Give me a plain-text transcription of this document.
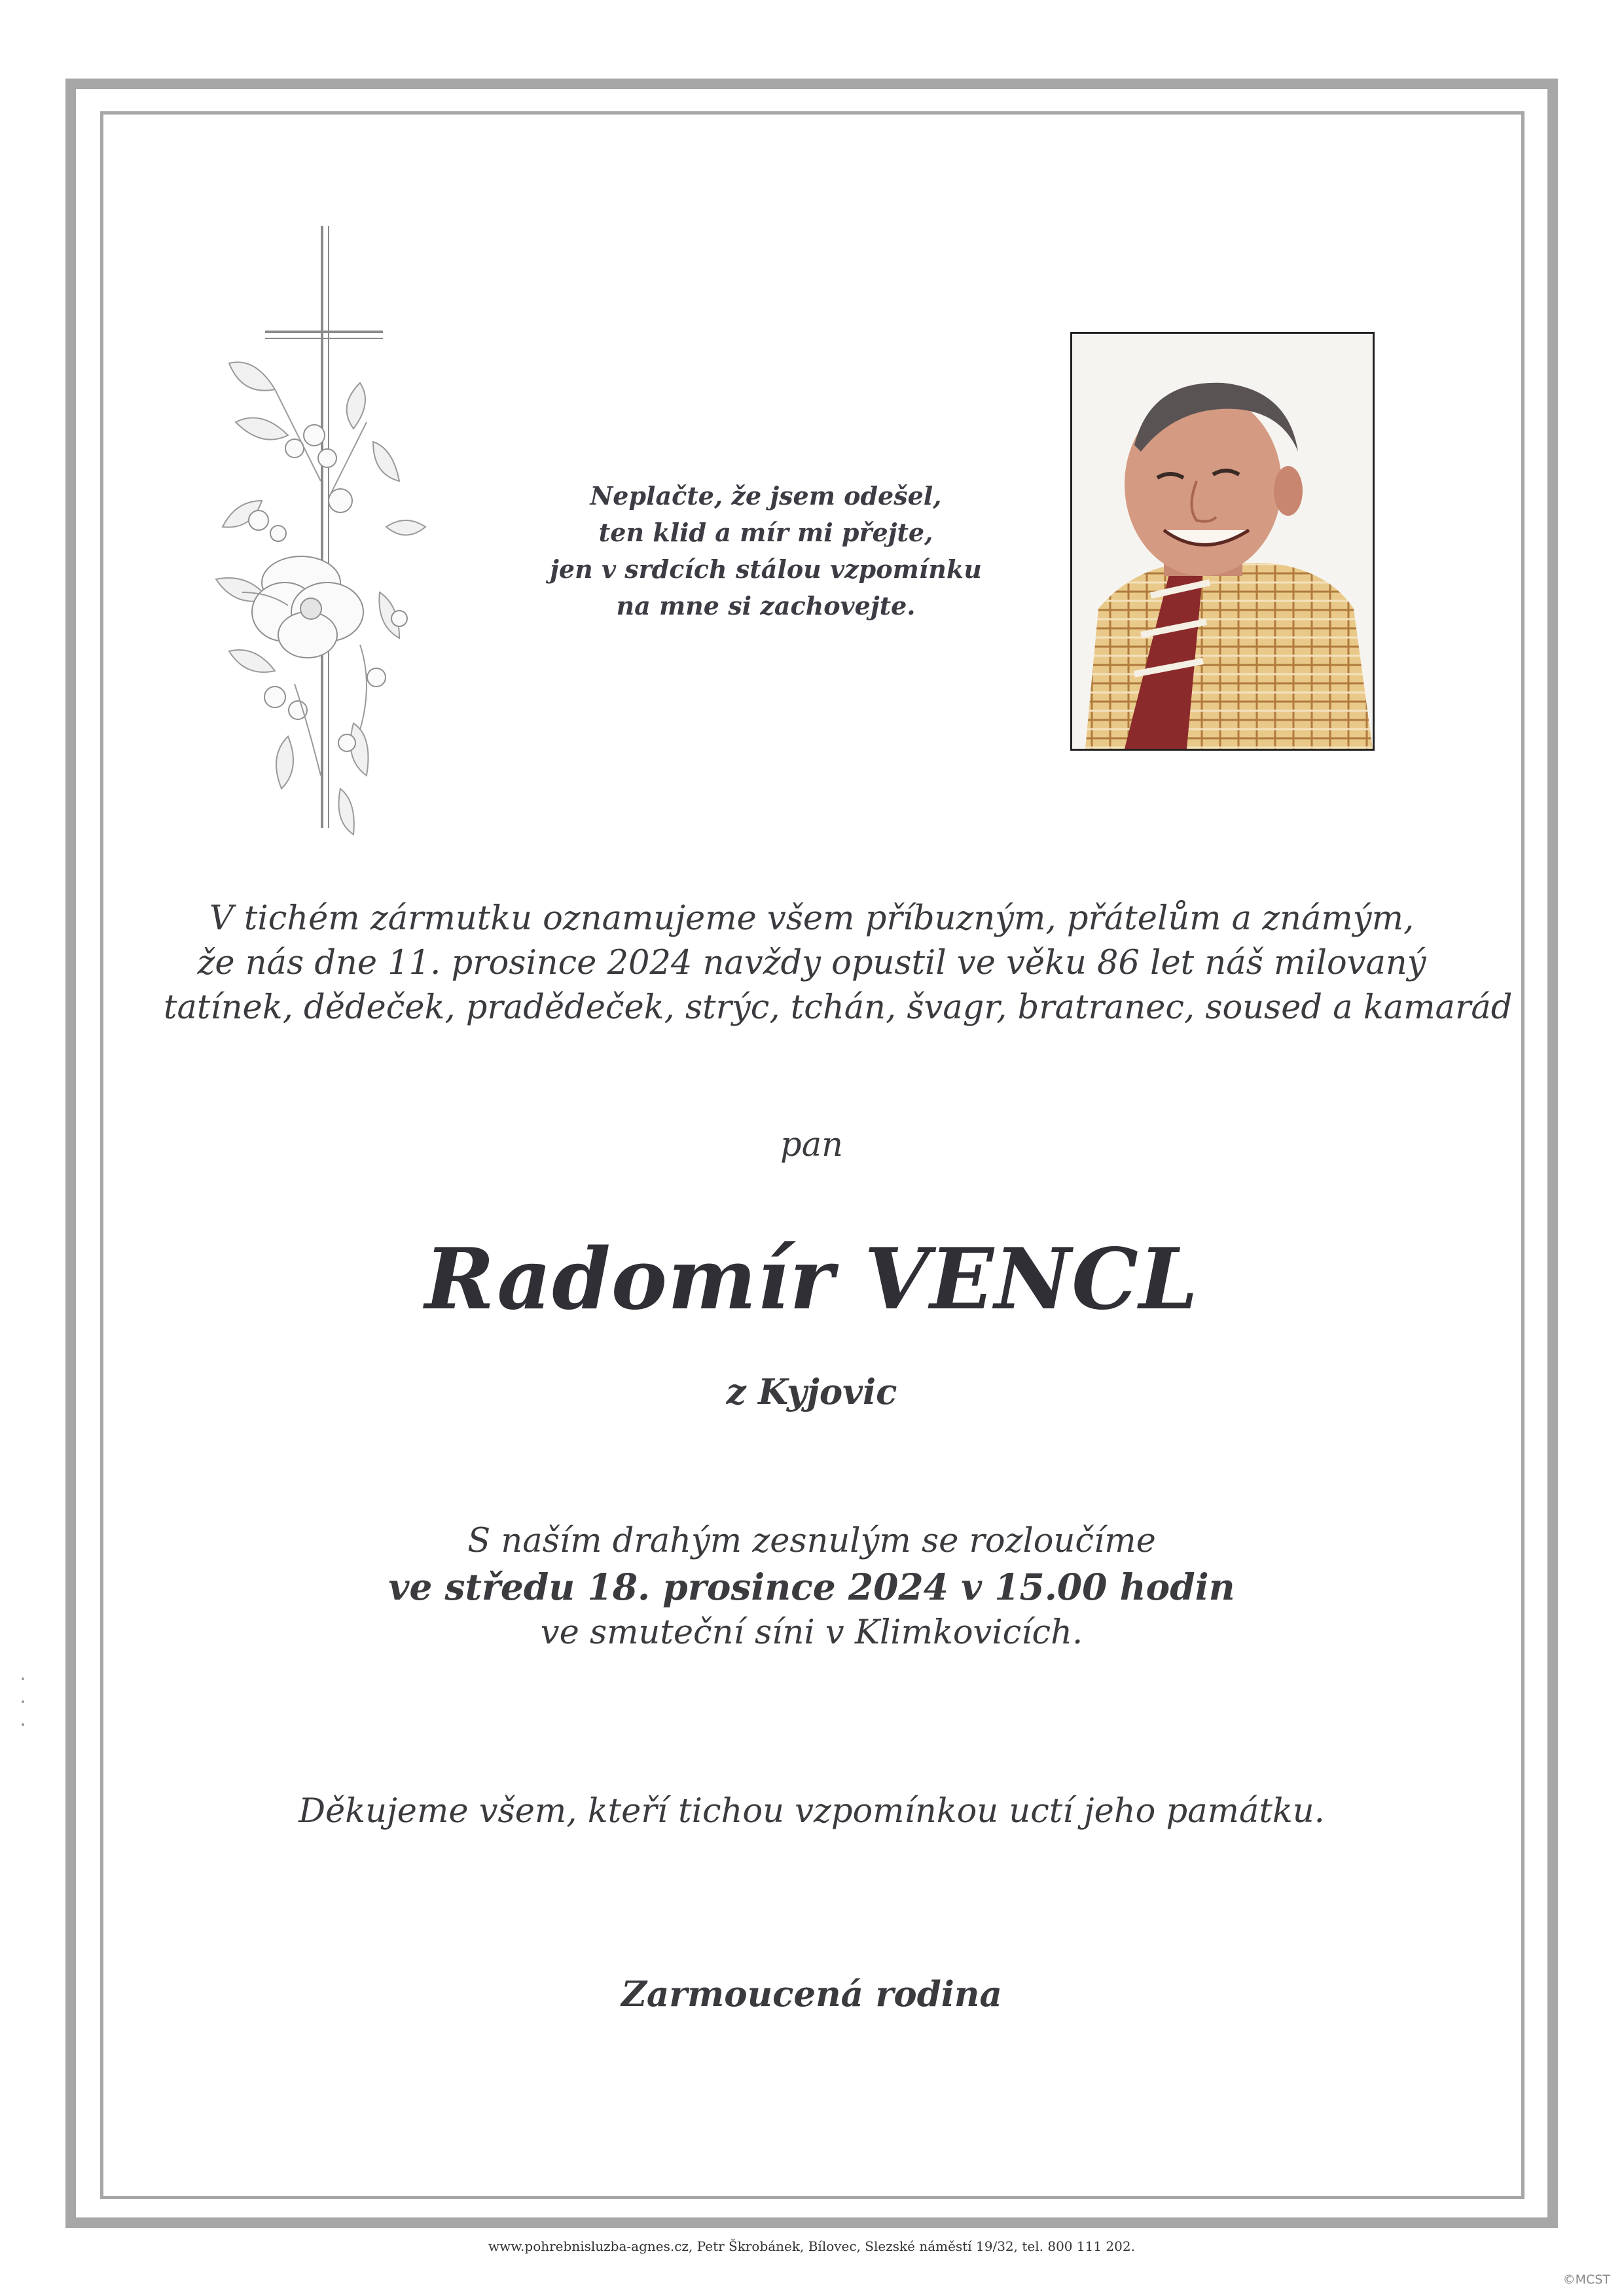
Neplačte, že jsem odešel,
ten klid a mír mi přejte,
jen v srdcích stálou vzpomínku
na mne si zachovejte.
V tichém zármutku oznamujeme všem příbuzným, přátelům a známým,
že nás dne 11. prosince 2024 navždy opustil ve věku 86 let náš milovaný
tatínek, dědeček, pradědeček, strýc, tchán, švagr, bratranec, soused a kamarád
pan
Radomír VENCL
z Kyjovic
S naším drahým zesnulým se rozloučíme
ve středu 18. prosince 2024 v 15.00 hodin
ve smuteční síni v Klimkovicích.
Děkujeme všem, kteří tichou vzpomínkou uctí jeho památku.
Zarmoucená rodina
www.pohrebnisluzba-agnes.cz, Petr Škrobánek, Bílovec, Slezské náměstí 19/32, tel. 800 111 202.
©MCST
